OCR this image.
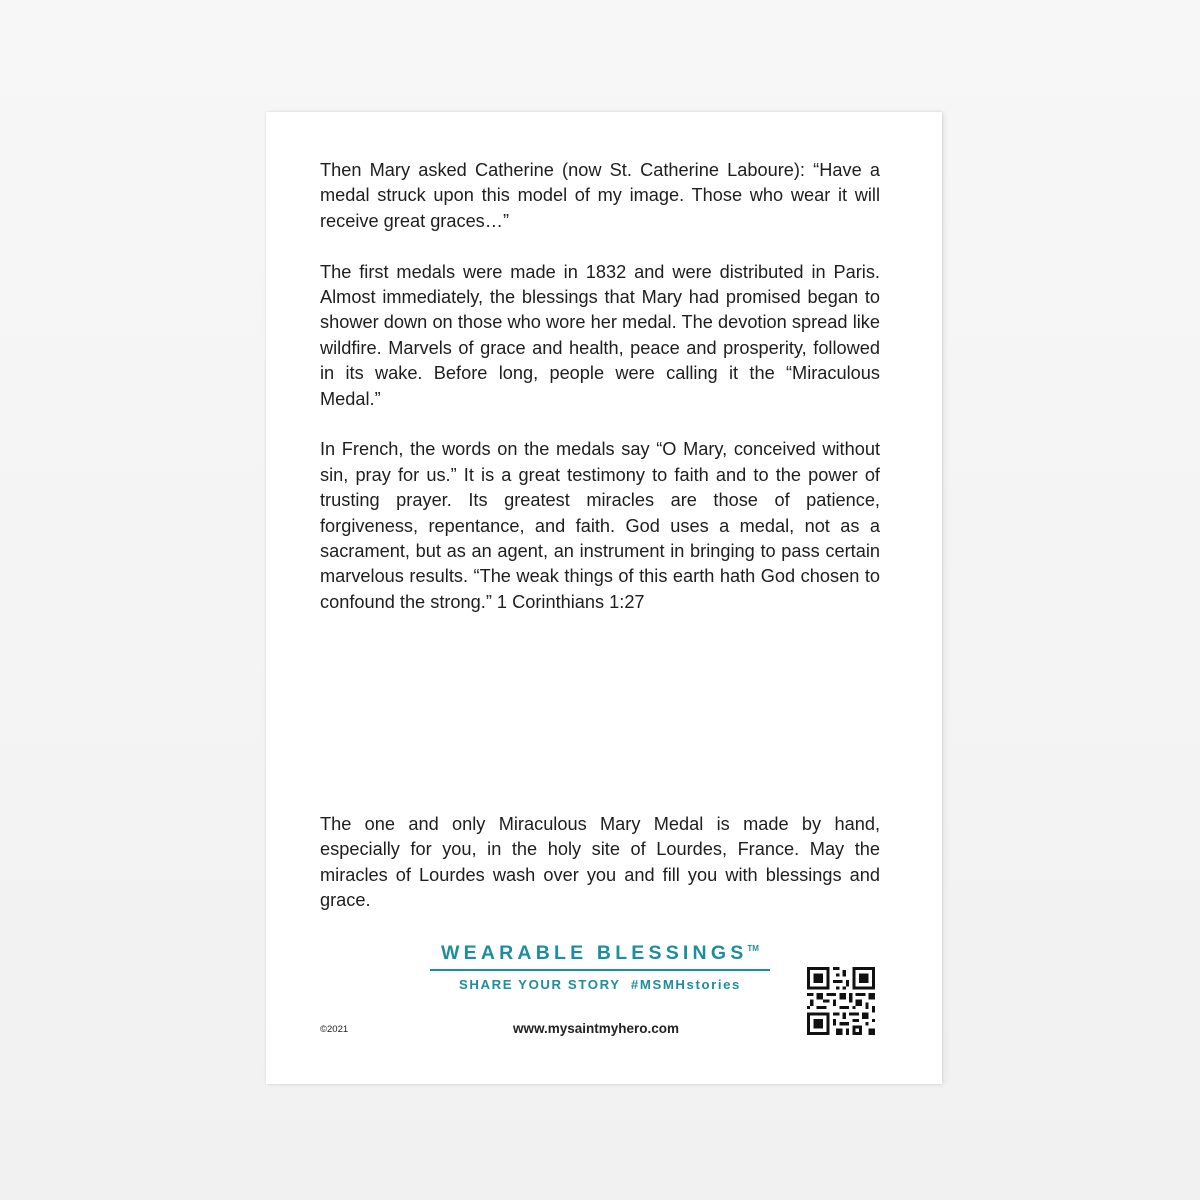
Then Mary asked Catherine (now St. Catherine Laboure): “Have a medal struck upon this model of my image. Those who wear it will receive great graces…”

The first medals were made in 1832 and were distributed in Paris. Almost immediately, the blessings that Mary had promised began to shower down on those who wore her medal. The devotion spread like wildfire. Marvels of grace and health, peace and prosperity, followed in its wake. Before long, people were calling it the “Miraculous Medal.”

In French, the words on the medals say “O Mary, conceived without sin, pray for us.” It is a great testimony to faith and to the power of trusting prayer. Its greatest miracles are those of patience, forgiveness, repentance, and faith. God uses a medal, not as a sacrament, but as an agent, an instrument in bringing to pass certain marvelous results. “The weak things of this earth hath God chosen to confound the strong.” 1 Corinthians 1:27

The one and only Miraculous Mary Medal is made by hand, especially for you, in the holy site of Lourdes, France. May the miracles of Lourdes wash over you and fill you with blessings and grace.

WEARABLE BLESSINGS™
SHARE YOUR STORY  #MSMHstories
©2021	www.mysaintmyhero.com
